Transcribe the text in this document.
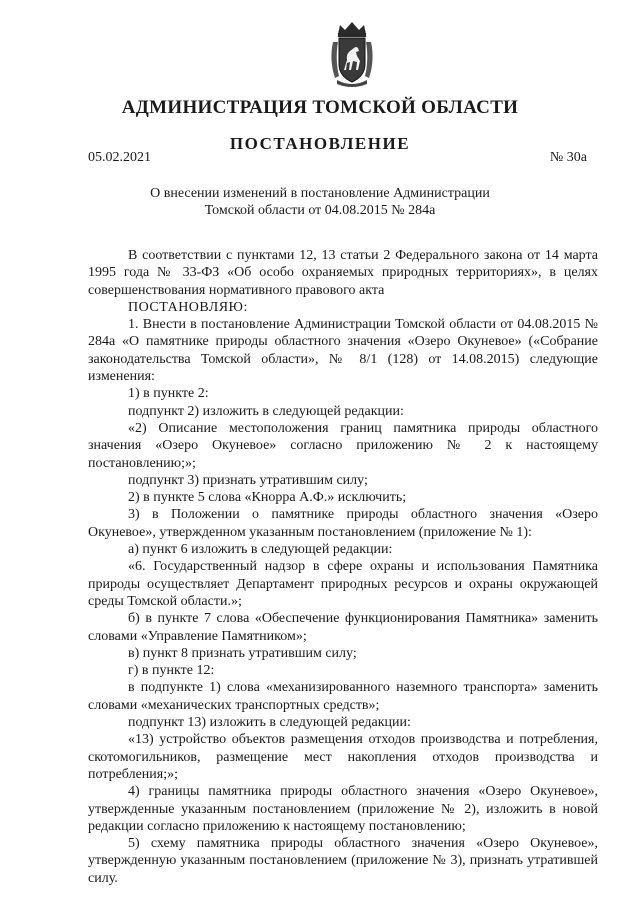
АДМИНИСТРАЦИЯ ТОМСКОЙ ОБЛАСТИ
ПОСТАНОВЛЕНИЕ
05.02.2021	№ 30а
О внесении изменений в постановление Администрации
Томской области от 04.08.2015 № 284а

В соответствии с пунктами 12, 13 статьи 2 Федерального закона от 14 марта 1995 года № 33-ФЗ «Об особо охраняемых природных территориях», в целях совершенствования нормативного правового акта

ПОСТАНОВЛЯЮ:

1. Внести в постановление Администрации Томской области от 04.08.2015 № 284а «О памятнике природы областного значения «Озеро Окуневое» («Собрание законодательства Томской области», № 8/1 (128) от 14.08.2015) следующие изменения:

1) в пункте 2:

подпункт 2) изложить в следующей редакции:

«2) Описание местоположения границ памятника природы областного значения «Озеро Окуневое» согласно приложению № 2 к настоящему постановлению;»;

подпункт 3) признать утратившим силу;

2) в пункте 5 слова «Кнорра А.Ф.» исключить;

3) в Положении о памятнике природы областного значения «Озеро Окуневое», утвержденном указанным постановлением (приложение № 1):

а) пункт 6 изложить в следующей редакции:

«6. Государственный надзор в сфере охраны и использования Памятника природы осуществляет Департамент природных ресурсов и охраны окружающей среды Томской области.»;

б) в пункте 7 слова «Обеспечение функционирования Памятника» заменить словами «Управление Памятником»;

в) пункт 8 признать утратившим силу;

г) в пункте 12:

в подпункте 1) слова «механизированного наземного транспорта» заменить словами «механических транспортных средств»;

подпункт 13) изложить в следующей редакции:

«13) устройство объектов размещения отходов производства и потребления, скотомогильников, размещение мест накопления отходов производства и потребления;»;

4) границы памятника природы областного значения «Озеро Окуневое», утвержденные указанным постановлением (приложение № 2), изложить в новой редакции согласно приложению к настоящему постановлению;

5) схему памятника природы областного значения «Озеро Окуневое», утвержденную указанным постановлением (приложение № 3), признать утратившей силу.
